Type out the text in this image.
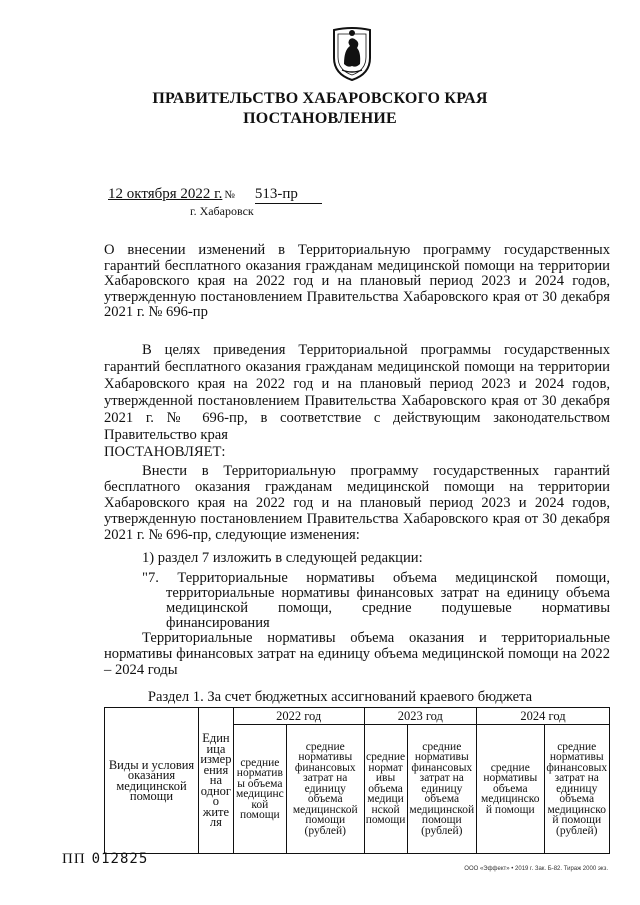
ПРАВИТЕЛЬСТВО ХАБАРОВСКОГО КРАЯ
ПОСТАНОВЛЕНИЕ
12 октября 2022 г. № 513-пр
г. Хабаровск

О внесении изменений в Территориальную программу государственных гарантий бесплатного оказания гражданам медицинской помощи на территории Хабаровского края на 2022 год и на плановый период 2023 и 2024 годов, утвержденную постановлением Правительства Хабаровского края от 30 декабря 2021 г. № 696-пр

В целях приведения Территориальной программы государственных гарантий бесплатного оказания гражданам медицинской помощи на территории Хабаровского края на 2022 год и на плановый период 2023 и 2024 годов, утвержденной постановлением Правительства Хабаровского края от 30 декабря 2021 г. № 696-пр, в соответствие с действующим законодательством Правительство края

ПОСТАНОВЛЯЕТ:

Внести в Территориальную программу государственных гарантий бесплатного оказания гражданам медицинской помощи на территории Хабаровского края на 2022 год и на плановый период 2023 и 2024 годов, утвержденную постановлением Правительства Хабаровского края от 30 декабря 2021 г. № 696-пр, следующие изменения:

1) раздел 7 изложить в следующей редакции:

"7. Территориальные нормативы объема медицинской помощи, территориальные нормативы финансовых затрат на единицу объема медицинской помощи, средние подушевые нормативы финансирования

Территориальные нормативы объема оказания и территориальные нормативы финансовых затрат на единицу объема медицинской помощи на 2022 – 2024 годы

Раздел 1. За счет бюджетных ассигнований краевого бюджета
Виды и условия оказания медицинской помощи	Единица измерения на одного жителя	2022 год		2023 год		2024 год	
		средние нормативы объема медицинской помощи	средние нормативы финансовых затрат на единицу объема медицинской помощи (рублей)	средние нормативы объема медицинской помощи	средние нормативы финансовых затрат на единицу объема медицинской помощи (рублей)	средние нормативы объема медицинской помощи	средние нормативы финансовых затрат на единицу объема медицинской помощи (рублей)
ПП 012825
ООО «Эффект» • 2019 г. Зак. Б-82. Тираж 2000 экз.
